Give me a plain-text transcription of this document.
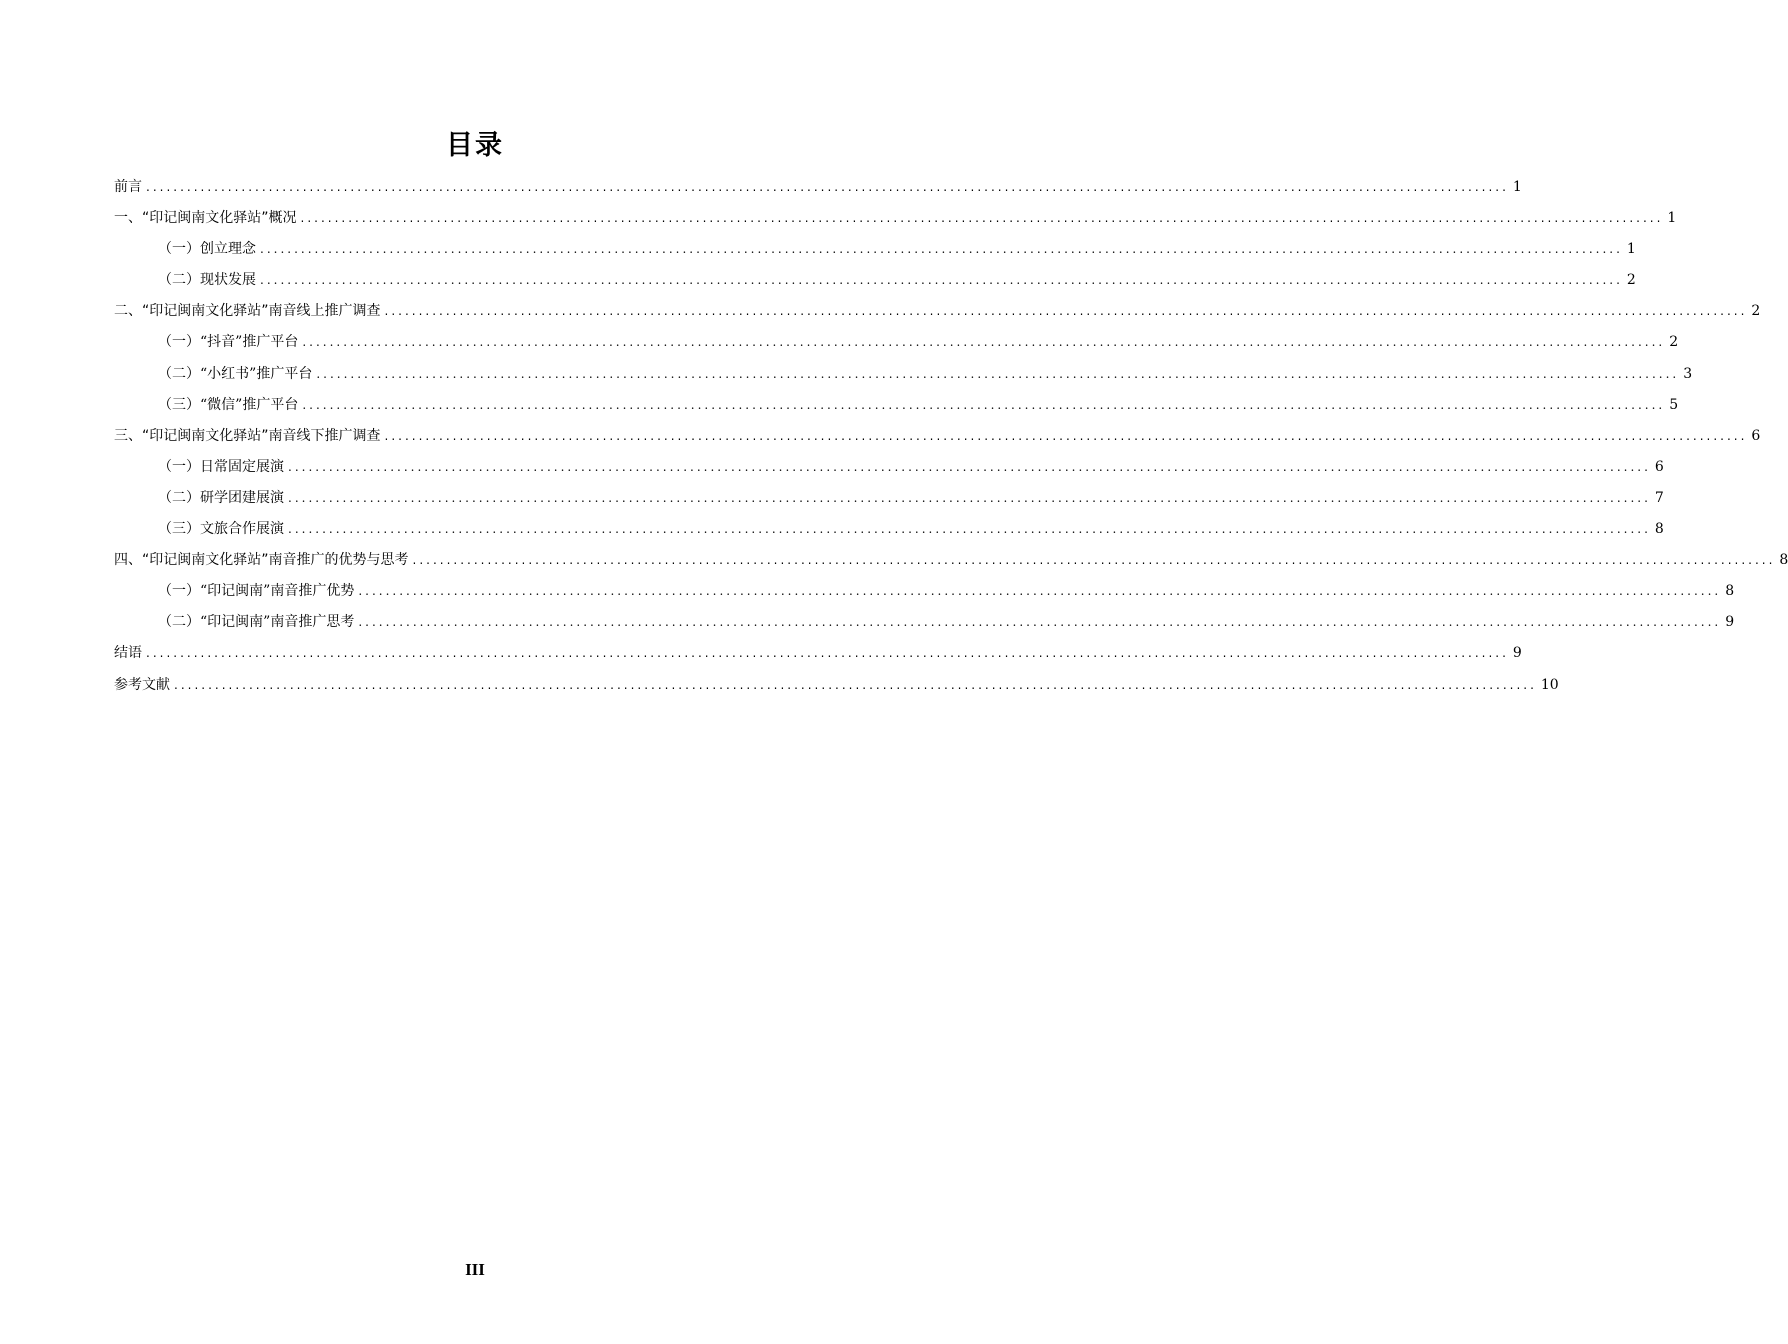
目录
前言 ........................................................................................................................................................................................................ 1
一、 “印记闽南文化驿站”概况 ........................................................................................................................................................................................................ 1
（一） 创立理念 ........................................................................................................................................................................................................ 1
（二） 现状发展 ........................................................................................................................................................................................................ 2
二、 “印记闽南文化驿站”南音线上推广调查 ........................................................................................................................................................................................................ 2
（一） “抖音”推广平台 ........................................................................................................................................................................................................ 2
（二） “小红书”推广平台 ........................................................................................................................................................................................................ 3
（三） “微信”推广平台 ........................................................................................................................................................................................................ 5
三、 “印记闽南文化驿站”南音线下推广调查 ........................................................................................................................................................................................................ 6
（一） 日常固定展演 ........................................................................................................................................................................................................ 6
（二） 研学团建展演 ........................................................................................................................................................................................................ 7
（三） 文旅合作展演 ........................................................................................................................................................................................................ 8
四、 “印记闽南文化驿站”南音推广的优势与思考 ........................................................................................................................................................................................................ 8
（一） “印记闽南”南音推广优势 ........................................................................................................................................................................................................ 8
（二） “印记闽南”南音推广思考 ........................................................................................................................................................................................................ 9
结语 ........................................................................................................................................................................................................ 9
参考文献 ........................................................................................................................................................................................................ 10
III
